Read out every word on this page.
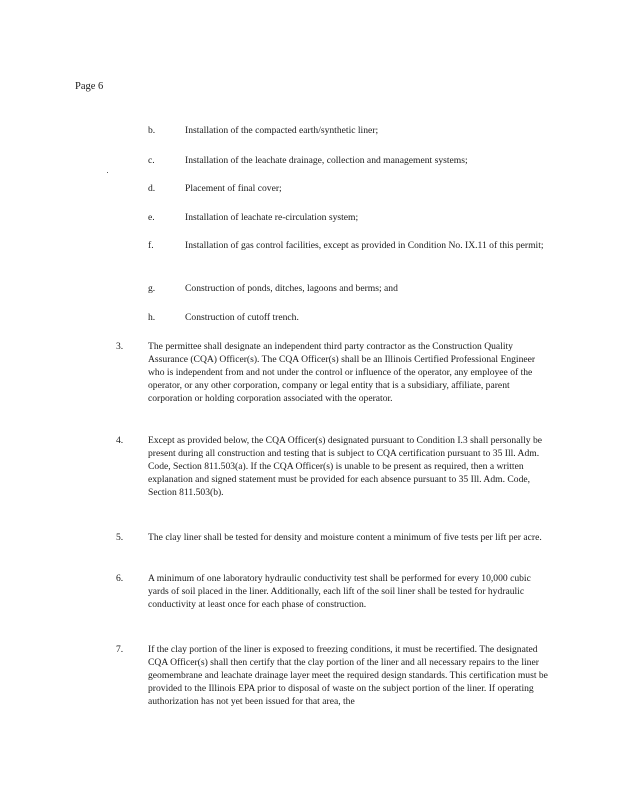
Page 6
b.	Installation of the compacted earth/synthetic liner;
c.	Installation of the leachate drainage, collection and management systems;
d.	Placement of final cover;
e.	Installation of leachate re-circulation system;
f.	Installation of gas control facilities, except as provided in Condition No. IX.11 of this permit;
g.	Construction of ponds, ditches, lagoons and berms; and
h.	Construction of cutoff trench.
3.	The permittee shall designate an independent third party contractor as the Construction Quality Assurance (CQA) Officer(s). The CQA Officer(s) shall be an Illinois Certified Professional Engineer who is independent from and not under the control or influence of the operator, any employee of the operator, or any other corporation, company or legal entity that is a subsidiary, affiliate, parent corporation or holding corporation associated with the operator.
4.	Except as provided below, the CQA Officer(s) designated pursuant to Condition I.3 shall personally be present during all construction and testing that is subject to CQA certification pursuant to 35 Ill. Adm. Code, Section 811.503(a). If the CQA Officer(s) is unable to be present as required, then a written explanation and signed statement must be provided for each absence pursuant to 35 Ill. Adm. Code, Section 811.503(b).
5.	The clay liner shall be tested for density and moisture content a minimum of five tests per lift per acre.
6.	A minimum of one laboratory hydraulic conductivity test shall be performed for every 10,000 cubic yards of soil placed in the liner. Additionally, each lift of the soil liner shall be tested for hydraulic conductivity at least once for each phase of construction.
7.	If the clay portion of the liner is exposed to freezing conditions, it must be recertified. The designated CQA Officer(s) shall then certify that the clay portion of the liner and all necessary repairs to the liner geomembrane and leachate drainage layer meet the required design standards. This certification must be provided to the Illinois EPA prior to disposal of waste on the subject portion of the liner. If operating authorization has not yet been issued for that area, the
